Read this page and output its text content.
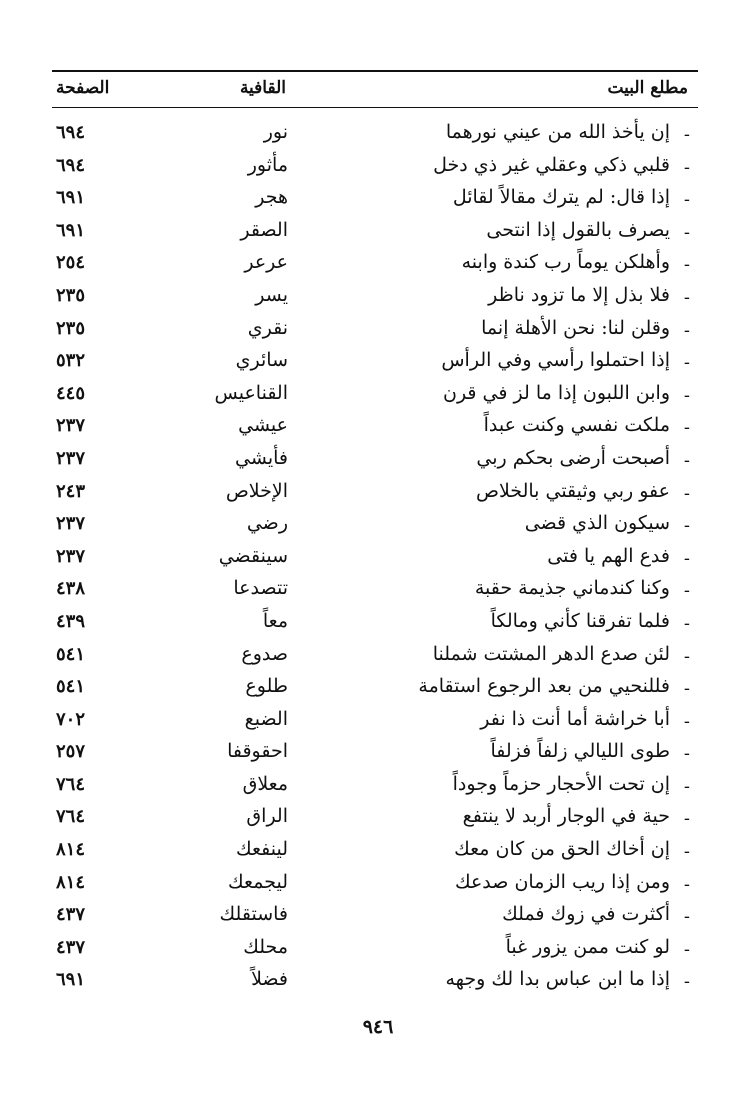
مطلع البيت
القافية
الصفحة
-
إن يأخذ الله من عيني نورهما
نور
٦٩٤
-
قلبي ذكي وعقلي غير ذي دخل
مأثور
٦٩٤
-
إذا قال: لم يترك مقالاً لقائل
هجر
٦٩١
-
يصرف بالقول إذا انتحى
الصقر
٦٩١
-
وأهلكن يوماً رب كندة وابنه
عرعر
٢٥٤
-
فلا بذل إلا ما تزود ناظر
يسر
٢٣٥
-
وقلن لنا: نحن الأهلة إنما
نقري
٢٣٥
-
إذا احتملوا رأسي وفي الرأس
سائري
٥٣٢
-
وابن اللبون إذا ما لز في قرن
القناعيس
٤٤٥
-
ملكت نفسي وكنت عبداً
عيشي
٢٣٧
-
أصبحت أرضى بحكم ربي
فأيشي
٢٣٧
-
عفو ربي وثيقتي بالخلاص
الإخلاص
٢٤٣
-
سيكون الذي قضى
رضي
٢٣٧
-
فدع الهم يا فتى
سينقضي
٢٣٧
-
وكنا كندماني جذيمة حقبة
تتصدعا
٤٣٨
-
فلما تفرقنا كأني ومالكاً
معاً
٤٣٩
-
لئن صدع الدهر المشتت شملنا
صدوع
٥٤١
-
فللنحيي من بعد الرجوع استقامة
طلوع
٥٤١
-
أبا خراشة أما أنت ذا نفر
الضبع
٧٠٢
-
طوى الليالي زلفاً فزلفاً
احقوقفا
٢٥٧
-
إن تحت الأحجار حزماً وجوداً
معلاق
٧٦٤
-
حية في الوجار أربد لا ينتفع
الراق
٧٦٤
-
إن أخاك الحق من كان معك
لينفعك
٨١٤
-
ومن إذا ريب الزمان صدعك
ليجمعك
٨١٤
-
أكثرت في زوك فملك
فاستقلك
٤٣٧
-
لو كنت ممن يزور غباً
محلك
٤٣٧
-
إذا ما ابن عباس بدا لك وجهه
فضلاً
٦٩١
٩٤٦
